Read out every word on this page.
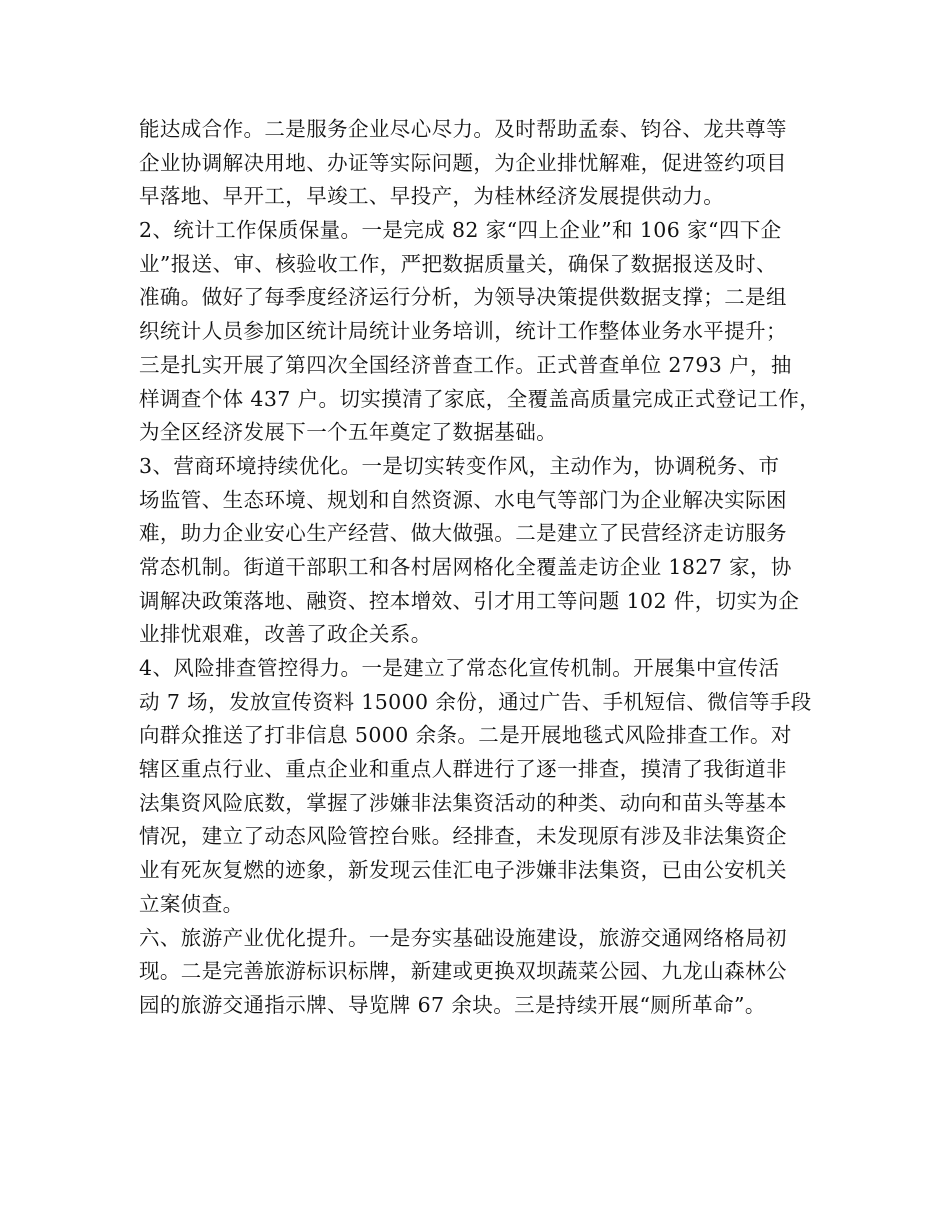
能达成合作。二是服务企业尽心尽力。及时帮助孟泰、钧谷、龙共尊等
企业协调解决用地、办证等实际问题，为企业排忧解难，促进签约项目
早落地、早开工，早竣工、早投产，为桂林经济发展提供动力。
2、统计工作保质保量。一是完成 82 家“四上企业”和 106 家“四下企
业”报送、审、核验收工作，严把数据质量关，确保了数据报送及时、
准确。做好了每季度经济运行分析，为领导决策提供数据支撑；二是组
织统计人员参加区统计局统计业务培训，统计工作整体业务水平提升；
三是扎实开展了第四次全国经济普查工作。正式普查单位 2793 户，抽
样调查个体 437 户。切实摸清了家底，全覆盖高质量完成正式登记工作，
为全区经济发展下一个五年奠定了数据基础。
3、营商环境持续优化。一是切实转变作风，主动作为，协调税务、市
场监管、生态环境、规划和自然资源、水电气等部门为企业解决实际困
难，助力企业安心生产经营、做大做强。二是建立了民营经济走访服务
常态机制。街道干部职工和各村居网格化全覆盖走访企业 1827 家，协
调解决政策落地、融资、控本增效、引才用工等问题 102 件，切实为企
业排忧艰难，改善了政企关系。
4、风险排查管控得力。一是建立了常态化宣传机制。开展集中宣传活
动 7 场，发放宣传资料 15000 余份，通过广告、手机短信、微信等手段
向群众推送了打非信息 5000 余条。二是开展地毯式风险排查工作。对
辖区重点行业、重点企业和重点人群进行了逐一排查，摸清了我街道非
法集资风险底数，掌握了涉嫌非法集资活动的种类、动向和苗头等基本
情况，建立了动态风险管控台账。经排查，未发现原有涉及非法集资企
业有死灰复燃的迹象，新发现云佳汇电子涉嫌非法集资，已由公安机关
立案侦查。
六、旅游产业优化提升。一是夯实基础设施建设，旅游交通网络格局初
现。二是完善旅游标识标牌，新建或更换双坝蔬菜公园、九龙山森林公
园的旅游交通指示牌、导览牌 67 余块。三是持续开展“厕所革命”。
